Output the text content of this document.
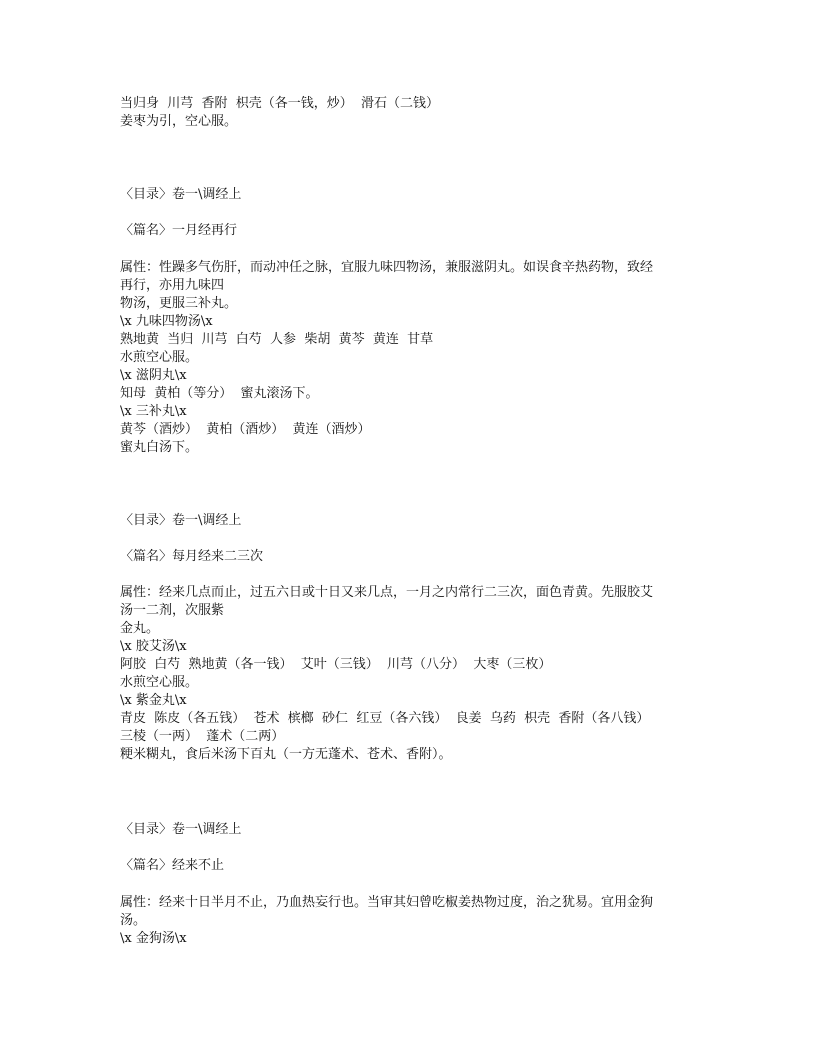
当归身  川芎  香附  枳壳（各一钱，炒）  滑石（二钱）
姜枣为引，空心服。
〈目录〉卷一\调经上
〈篇名〉一月经再行
属性：性躁多气伤肝，而动冲任之脉，宜服九味四物汤，兼服滋阴丸。如误食辛热药物，致经
再行，亦用九味四
物汤，更服三补丸。
\x 九味四物汤\x
熟地黄  当归  川芎  白芍  人参  柴胡  黄芩  黄连  甘草
水煎空心服。
\x 滋阴丸\x
知母  黄柏（等分）  蜜丸滚汤下。
\x 三补丸\x
黄芩（酒炒）  黄柏（酒炒）  黄连（酒炒）
蜜丸白汤下。
〈目录〉卷一\调经上
〈篇名〉每月经来二三次
属性：经来几点而止，过五六日或十日又来几点，一月之内常行二三次，面色青黄。先服胶艾
汤一二剂，次服紫
金丸。
\x 胶艾汤\x
阿胶  白芍  熟地黄（各一钱）  艾叶（三钱）  川芎（八分）  大枣（三枚）
水煎空心服。
\x 紫金丸\x
青皮  陈皮（各五钱）  苍术  槟榔  砂仁  红豆（各六钱）  良姜  乌药  枳壳  香附（各八钱）
三棱（一两）  蓬术（二两）
粳米糊丸，食后米汤下百丸（一方无蓬术、苍术、香附）。
〈目录〉卷一\调经上
〈篇名〉经来不止
属性：经来十日半月不止，乃血热妄行也。当审其妇曾吃椒姜热物过度，治之犹易。宜用金狗
汤。
\x 金狗汤\x
